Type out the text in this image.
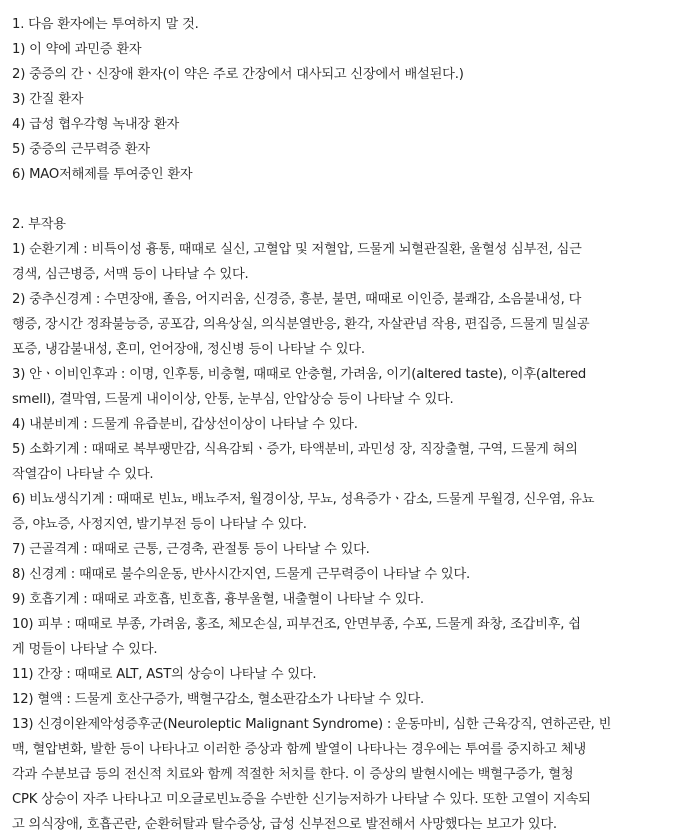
1. 다음 환자에는 투여하지 말 것.
1) 이 약에 과민증 환자
2) 중증의 간ㆍ신장애 환자(이 약은 주로 간장에서 대사되고 신장에서 배설된다.)
3) 간질 환자
4) 급성 협우각형 녹내장 환자
5) 중증의 근무력증 환자
6) MAO저해제를 투여중인 환자
2. 부작용
1) 순환기계 : 비특이성 흉통, 때때로 실신, 고혈압 및 저혈압, 드물게 뇌혈관질환, 울혈성 심부전, 심근
경색, 심근병증, 서맥 등이 나타날 수 있다.
2) 중추신경계 : 수면장애, 졸음, 어지러움, 신경증, 흥분, 불면, 때때로 이인증, 불쾌감, 소음불내성, 다
행증, 장시간 정좌불능증, 공포감, 의욕상실, 의식분열반응, 환각, 자살관념 작용, 편집증, 드물게 밀실공
포증, 냉감불내성, 혼미, 언어장애, 정신병 등이 나타날 수 있다.
3) 안ㆍ이비인후과 : 이명, 인후통, 비충혈, 때때로 안충혈, 가려움, 이기(altered taste), 이후(altered
smell), 결막염, 드물게 내이이상, 안통, 눈부심, 안압상승 등이 나타날 수 있다.
4) 내분비계 : 드물게 유즙분비, 갑상선이상이 나타날 수 있다.
5) 소화기계 : 때때로 복부팽만감, 식욕감퇴ㆍ증가, 타액분비, 과민성 장, 직장출혈, 구역, 드물게 혀의
작열감이 나타날 수 있다.
6) 비뇨생식기계 : 때때로 빈뇨, 배뇨주저, 월경이상, 무뇨, 성욕증가ㆍ감소, 드물게 무월경, 신우염, 유뇨
증, 야뇨증, 사정지연, 발기부전 등이 나타날 수 있다.
7) 근골격계 : 때때로 근통, 근경축, 관절통 등이 나타날 수 있다.
8) 신경계 : 때때로 불수의운동, 반사시간지연, 드물게 근무력증이 나타날 수 있다.
9) 호흡기계 : 때때로 과호흡, 빈호흡, 흉부울혈, 내출혈이 나타날 수 있다.
10) 피부 : 때때로 부종, 가려움, 홍조, 체모손실, 피부건조, 안면부종, 수포, 드물게 좌창, 조갑비후, 쉽
게 멍들이 나타날 수 있다.
11) 간장 : 때때로 ALT, AST의 상승이 나타날 수 있다.
12) 혈액 : 드물게 호산구증가, 백혈구감소, 혈소판감소가 나타날 수 있다.
13) 신경이완제악성증후군(Neuroleptic Malignant Syndrome) : 운동마비, 심한 근육강직, 연하곤란, 빈
맥, 혈압변화, 발한 등이 나타나고 이러한 증상과 함께 발열이 나타나는 경우에는 투여를 중지하고 체냉
각과 수분보급 등의 전신적 치료와 함께 적절한 처치를 한다. 이 증상의 발현시에는 백혈구증가, 혈청
CPK 상승이 자주 나타나고 미오글로빈뇨증을 수반한 신기능저하가 나타날 수 있다. 또한 고열이 지속되
고 의식장애, 호흡곤란, 순환허탈과 탈수증상, 급성 신부전으로 발전해서 사망했다는 보고가 있다.
